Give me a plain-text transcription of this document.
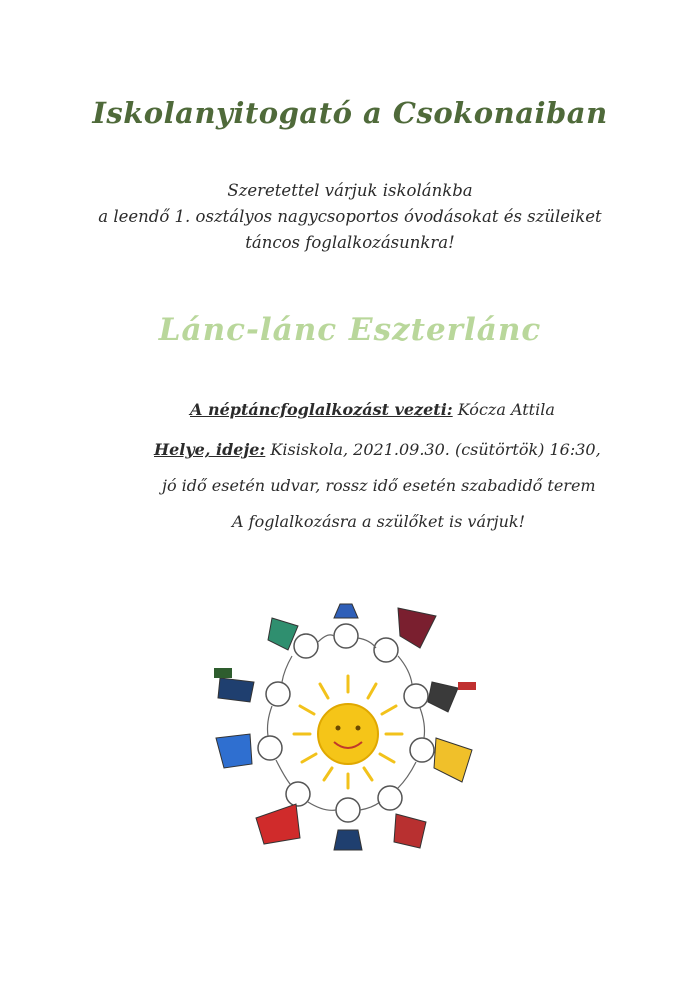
Iskolanyitogató a Csokonaiban
Szeretettel várjuk iskolánkba
a leendő 1. osztályos nagycsoportos óvodásokat és szüleiket
táncos foglalkozásunkra!
Lánc-lánc Eszterlánc
A néptáncfoglalkozást vezeti: Kócza Attila
Helye, ideje: Kisiskola, 2021.09.30. (csütörtök) 16:30,
jó idő esetén udvar, rossz idő esetén szabadidő terem
A foglalkozásra a szülőket is várjuk!
